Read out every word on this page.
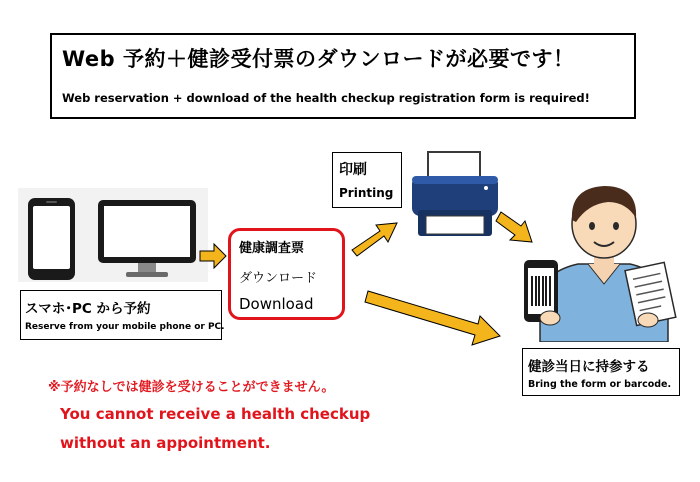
Web 予約＋健診受付票のダウンロードが必要です！
Web reservation + download of the health checkup registration form is required!
印刷
Printing
健康調査票
ダウンロード
Download
スマホ･PC から予約
Reserve from your mobile phone or PC.
健診当日に持参する
Bring the form or barcode.
※予約なしでは健診を受けることができません。
You cannot receive a health checkup
without an appointment.
